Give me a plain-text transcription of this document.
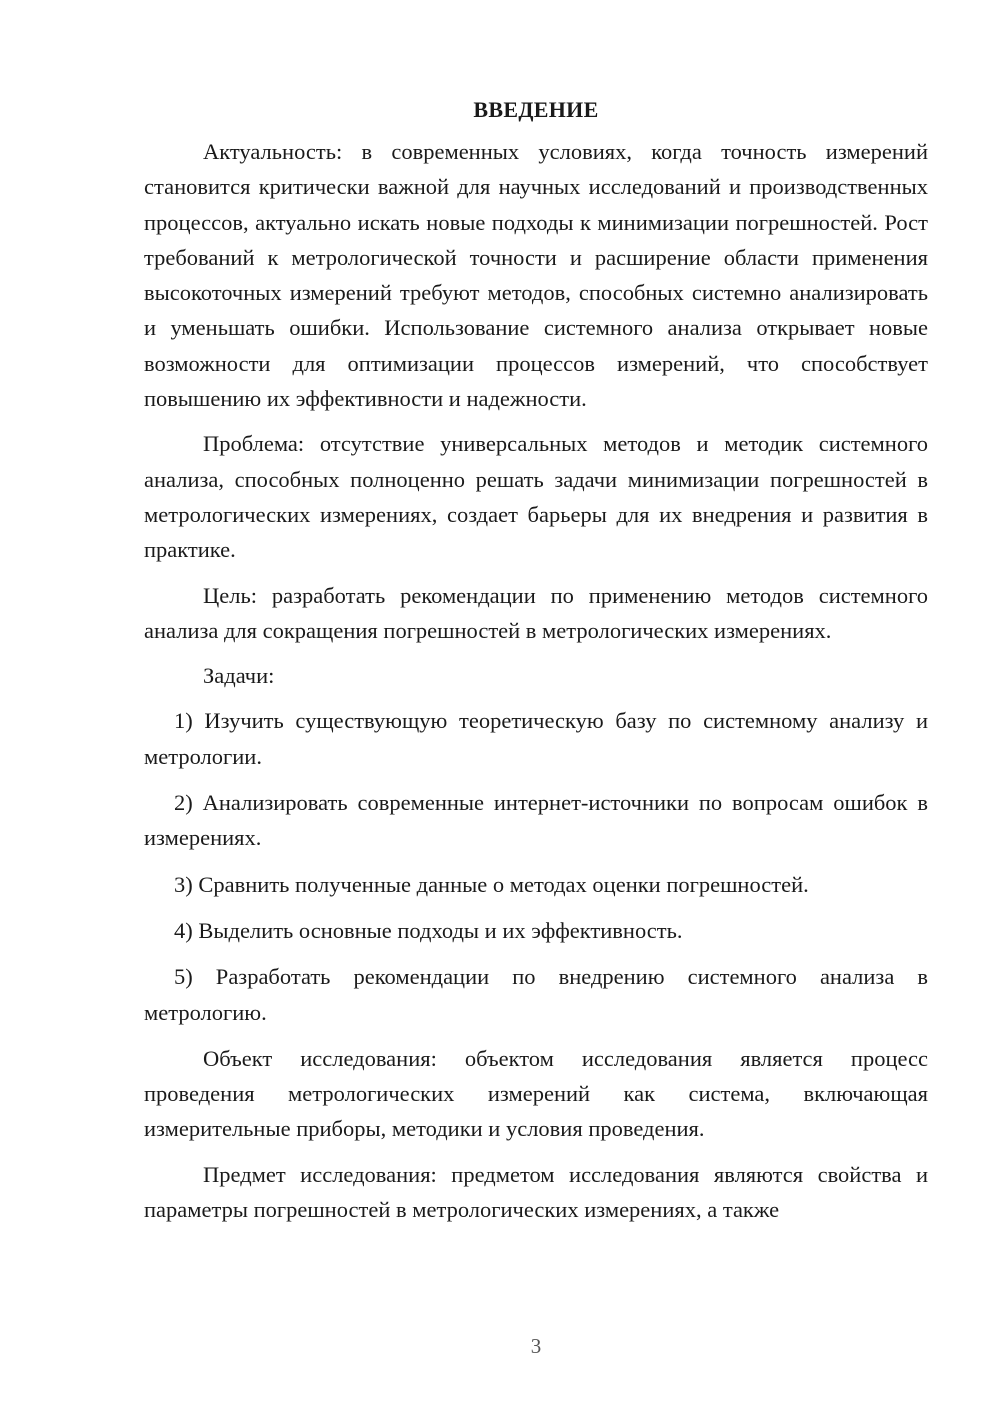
ВВЕДЕНИЕ

Актуальность: в современных условиях, когда точность измерений становится критически важной для научных исследований и производственных процессов, актуально искать новые подходы к минимизации погрешностей. Рост требований к метрологической точности и расширение области применения высокоточных измерений требуют методов, способных системно анализировать и уменьшать ошибки. Использование системного анализа открывает новые возможности для оптимизации процессов измерений, что способствует повышению их эффективности и надежности.

Проблема: отсутствие универсальных методов и методик системного анализа, способных полноценно решать задачи минимизации погрешностей в метрологических измерениях, создает барьеры для их внедрения и развития в практике.

Цель: разработать рекомендации по применению методов системного анализа для сокращения погрешностей в метрологических измерениях.

Задачи:

1) Изучить существующую теоретическую базу по системному анализу и метрологии.

2) Анализировать современные интернет-источники по вопросам ошибок в измерениях.

3) Сравнить полученные данные о методах оценки погрешностей.

4) Выделить основные подходы и их эффективность.

5) Разработать рекомендации по внедрению системного анализа в метрологию.

Объект исследования: объектом исследования является процесс проведения метрологических измерений как система, включающая измерительные приборы, методики и условия проведения.

Предмет исследования: предметом исследования являются свойства и параметры погрешностей в метрологических измерениях, а также

3
